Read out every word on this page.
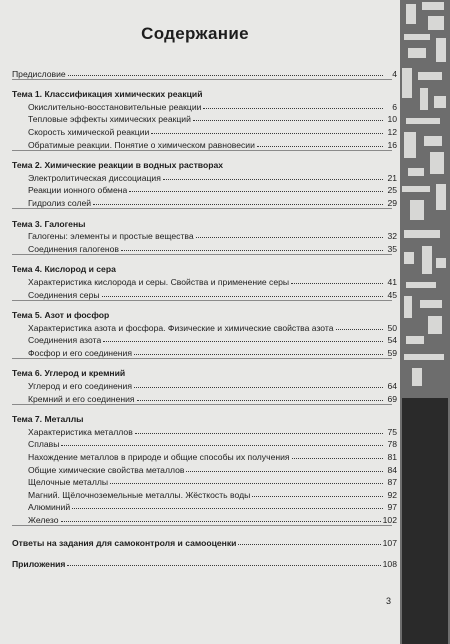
Содержание
Предисловие	4
Тема 1. Классификация химических реакций
Окислительно-восстановительные реакции	6
Тепловые эффекты химических реакций	10
Скорость химической реакции	12
Обратимые реакции. Понятие о химическом равновесии	16
Тема 2. Химические реакции в водных растворах
Электролитическая диссоциация	21
Реакции ионного обмена	25
Гидролиз солей	29
Тема 3. Галогены
Галогены: элементы и простые вещества	32
Соединения галогенов	35
Тема 4. Кислород и сера
Характеристика кислорода и серы. Свойства и применение серы	41
Соединения серы	45
Тема 5. Азот и фосфор
Характеристика азота и фосфора. Физические и химические свойства азота	50
Соединения азота	54
Фосфор и его соединения	59
Тема 6. Углерод и кремний
Углерод и его соединения	64
Кремний и его соединения	69
Тема 7. Металлы
Характеристика металлов	75
Сплавы	78
Нахождение металлов в природе и общие способы их получения	81
Общие химические свойства металлов	84
Щелочные металлы	87
Магний. Щёлочноземельные металлы. Жёсткость воды	92
Алюминий	97
Железо	102
Ответы на задания для самоконтроля и самооценки	107
Приложения	108
3
